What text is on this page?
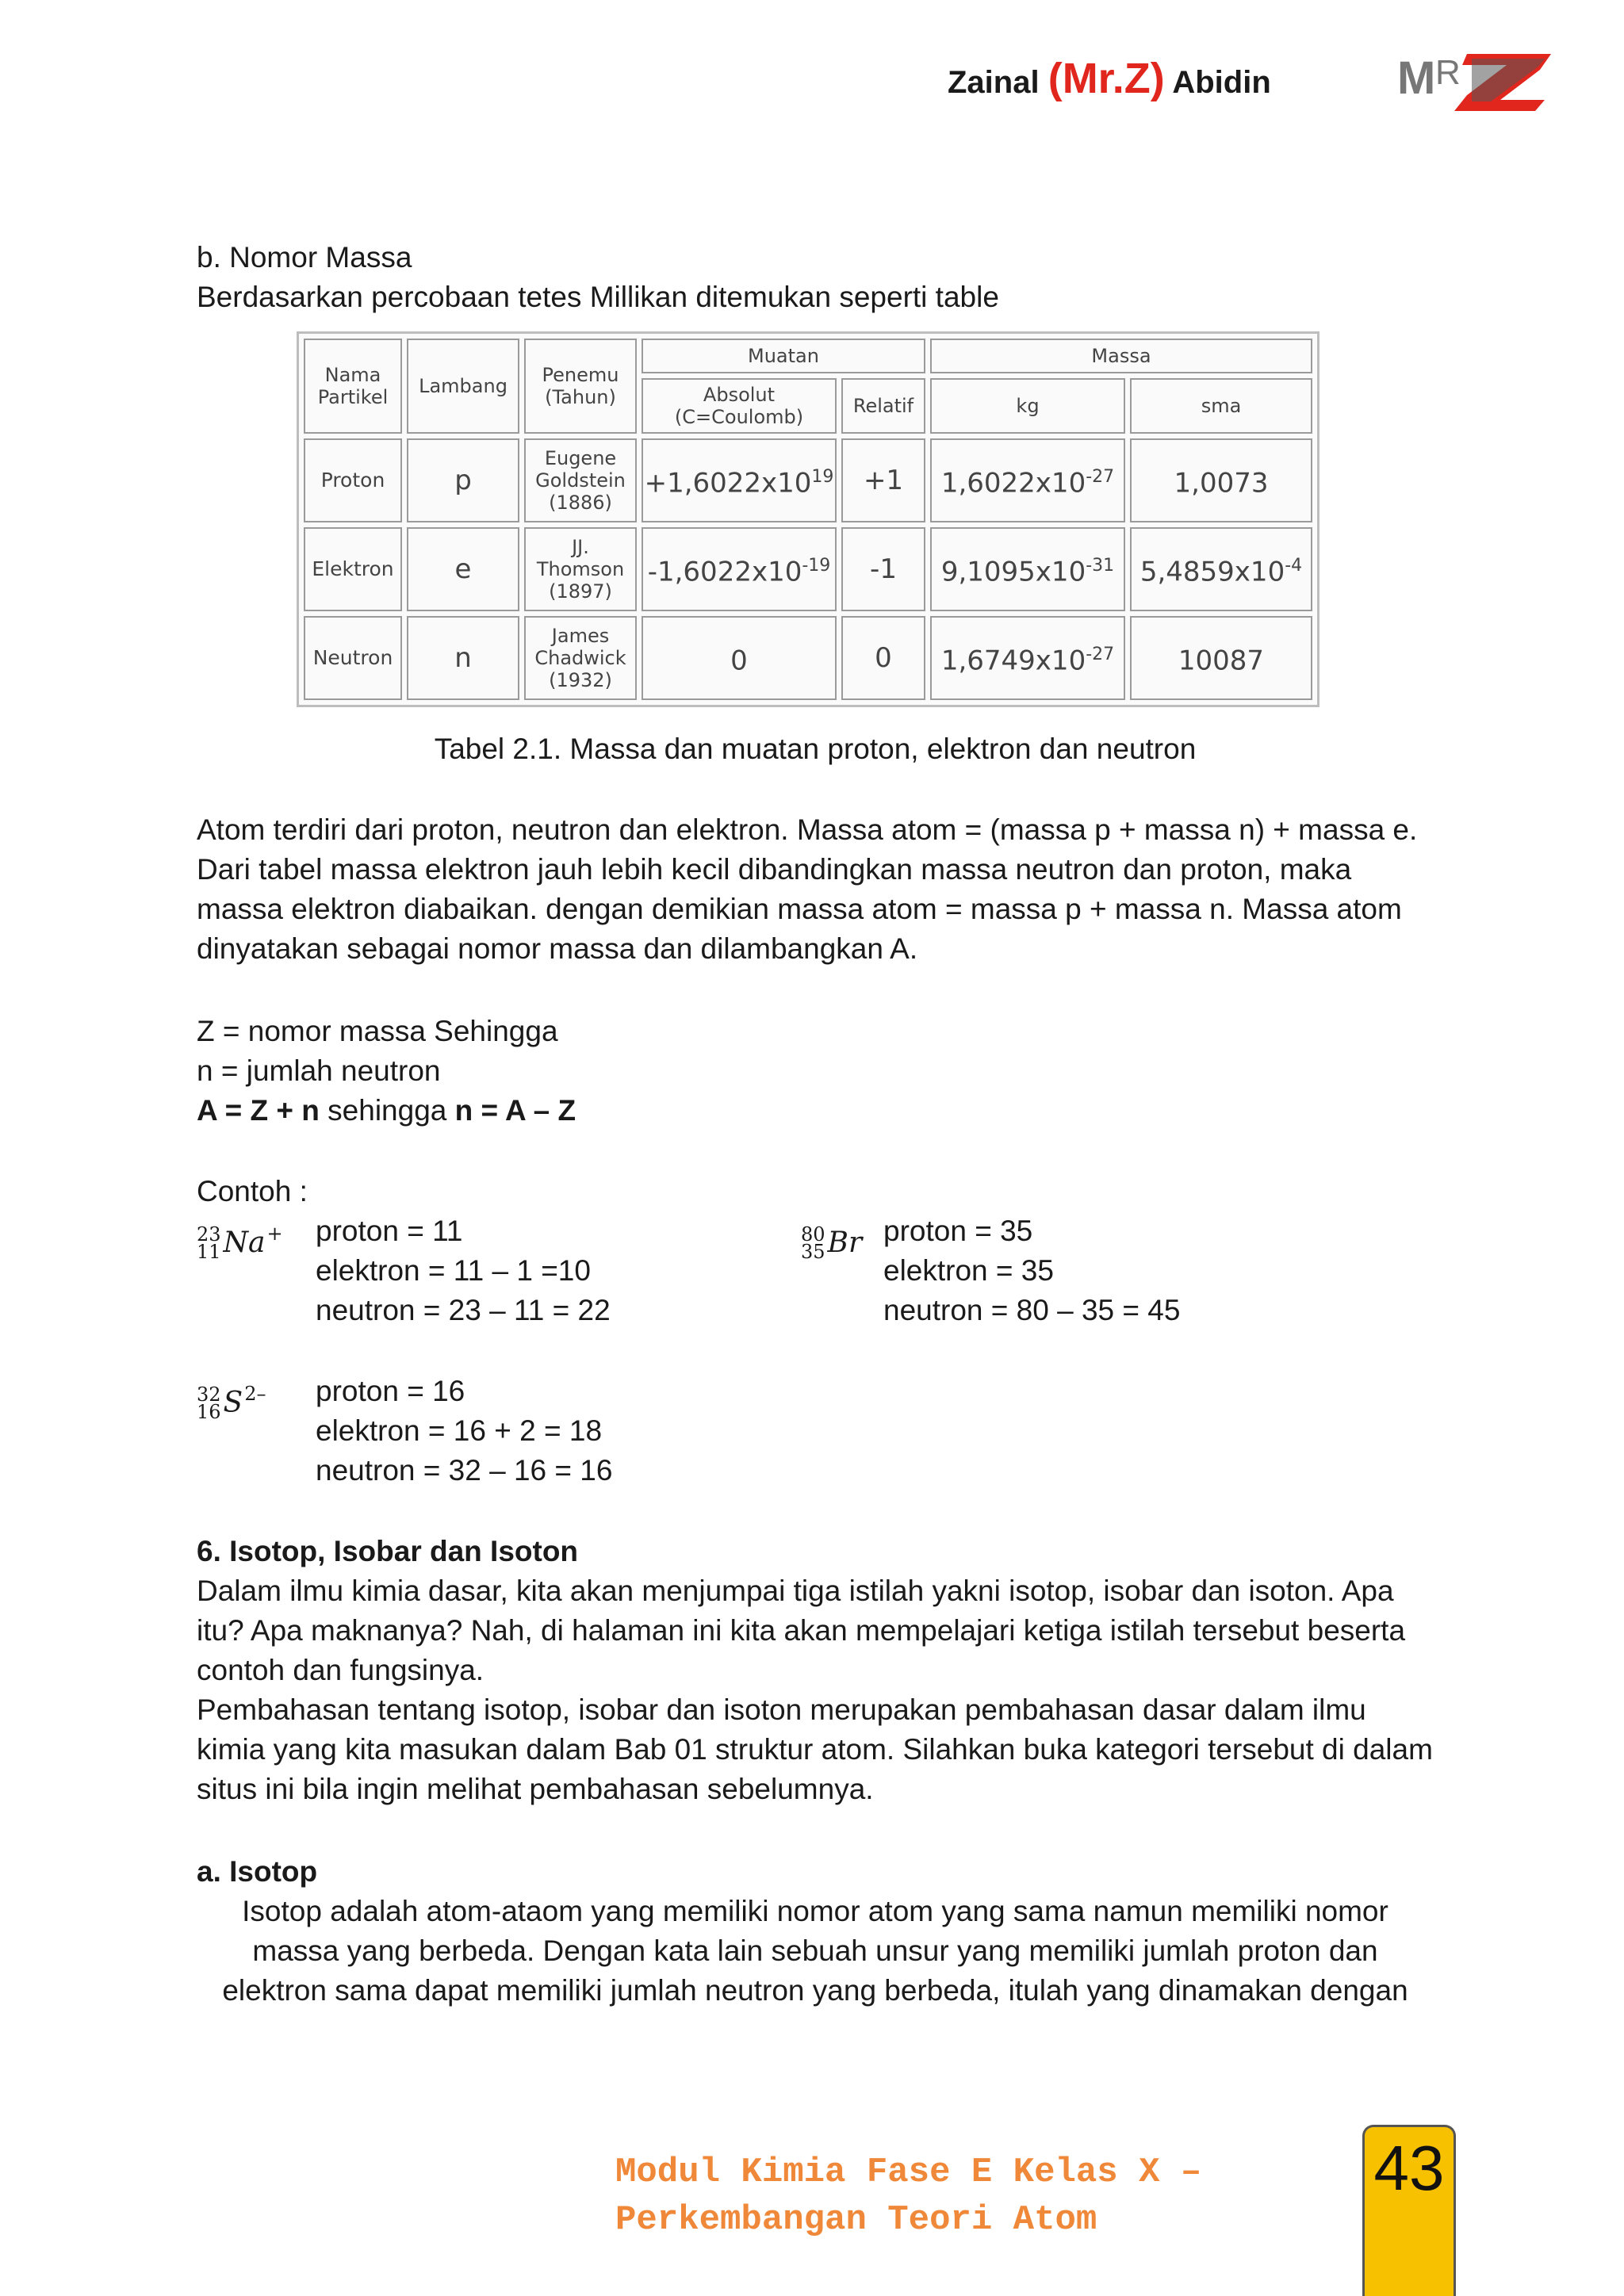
Zainal (Mr.Z) Abidin	M R
b. Nomor Massa
Berdasarkan percobaan tetes Millikan ditemukan seperti table
Nama Partikel	Lambang	Penemu (Tahun)	Muatan		Massa	
			Absolut (C=Coulomb)	Relatif	kg	sma
Proton	p	Eugene Goldstein (1886)	$+1,6022x10^{19}$	+1	$1,6022x10^{-27}$	1,0073
Elektron	e	JJ. Thomson (1897)	$-1,6022x10^{-19}$	-1	$9,1095x10^{-31}$	$5,4859x10^{-4}$
Neutron	n	James Chadwick (1932)	0	0	$1,6749x10^{-27}$	10087
Tabel 2.1. Massa dan muatan proton, elektron dan neutron
Atom terdiri dari proton, neutron dan elektron. Massa atom = (massa p + massa n) + massa e. Dari tabel massa elektron jauh lebih kecil dibandingkan massa neutron dan proton, maka massa elektron diabaikan. dengan demikian massa atom = massa p + massa n. Massa atom dinyatakan sebagai nomor massa dan dilambangkan A.
Z = nomor massa Sehingga
n = jumlah neutron
A = Z + n sehingga n = A – Z
Contoh :
23
11 Na + proton = 11
elektron = 11 – 1 =10
neutron = 23 – 11 = 22
80
35 Br proton = 35
elektron = 35
neutron = 80 – 35 = 45
32
16 S 2– proton = 16
elektron = 16 + 2 = 18
neutron = 32 – 16 = 16
6. Isotop, Isobar dan Isoton
Dalam ilmu kimia dasar, kita akan menjumpai tiga istilah yakni isotop, isobar dan isoton. Apa itu? Apa maknanya? Nah, di halaman ini kita akan mempelajari ketiga istilah tersebut beserta contoh dan fungsinya.
Pembahasan tentang isotop, isobar dan isoton merupakan pembahasan dasar dalam ilmu kimia yang kita masukan dalam Bab 01 struktur atom. Silahkan buka kategori tersebut di dalam situs ini bila ingin melihat pembahasan sebelumnya.
a. Isotop
Isotop adalah atom-ataom yang memiliki nomor atom yang sama namun memiliki nomor massa yang berbeda. Dengan kata lain sebuah unsur yang memiliki jumlah proton dan elektron sama dapat memiliki jumlah neutron yang berbeda, itulah yang dinamakan dengan
Modul Kimia Fase E Kelas X –
Perkembangan Teori Atom
43
